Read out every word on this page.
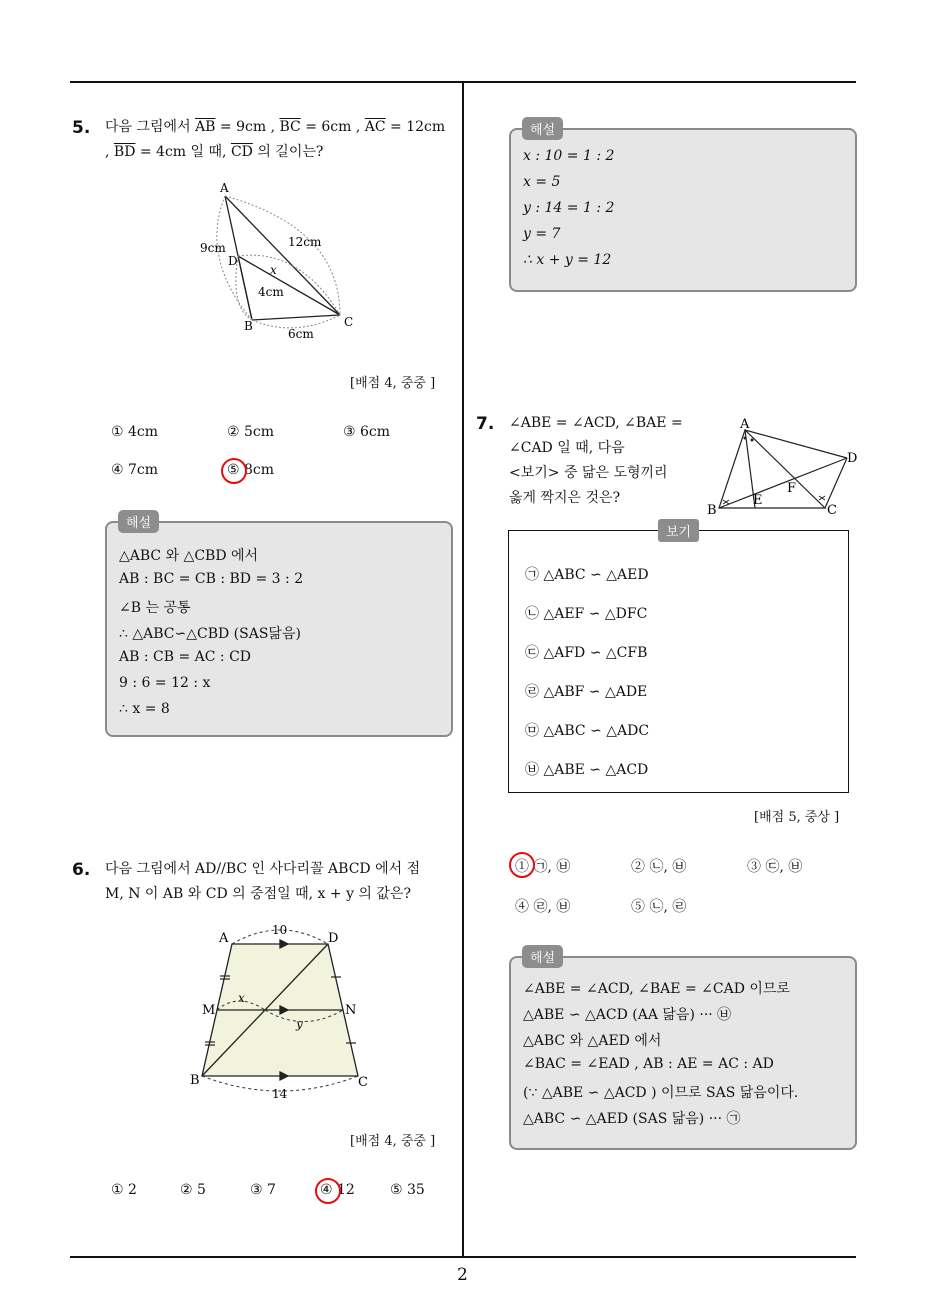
2
5. 다음 그림에서 $\overline{AB} = 9cm$ , $\overline{BC} = 6cm$ , $\overline{AC} = 12cm$
, $\overline{BD} = 4cm$ 일 때, $\overline{CD}$ 의 길이는?
A
D
B	C
x
9cm	12cm
4cm
6cm
[배점 4, 중중 ]
① 4cm	② 5cm	③ 6cm
④ 7cm	⑤ 8cm
△ABC 와 △CBD 에서
AB : BC = CB : BD = 3 : 2
∠B 는 공통
∴ △ABC∽△CBD (SAS닮음)
AB : CB = AC : CD
9 : 6 = 12 : x
∴ x = 8
해설
6. 다음 그림에서 AD//BC 인 사다리꼴 ABCD 에서 점
M, N 이 AB 와 CD 의 중점일 때, x + y 의 값은?
A	D
M	N
B	C
x
y
10
14
[배점 4, 중중 ]
① 2	② 5	③ 7	④ 12	⑤ 35
x : 10 = 1 : 2
x = 5
y : 14 = 1 : 2
y = 7
∴ x + y = 12
해설
7. ∠ABE = ∠ACD, ∠BAE =
∠CAD 일 때, 다음
<보기> 중 닮은 도형끼리
옳게 짝지은 것은?
A
D
B
E
F
C
㉠ △ABC ∽ △AED
㉡ △AEF ∽ △DFC
㉢ △AFD ∽ △CFB
㉣ △ABF ∽ △ADE
㉤ △ABC ∽ △ADC
㉥ △ABE ∽ △ACD
보기
[배점 5, 중상 ]
① ㉠, ㉥	② ㉡, ㉥	③ ㉢, ㉥
④ ㉣, ㉥	⑤ ㉡, ㉣
∠ABE = ∠ACD, ∠BAE = ∠CAD 이므로
△ABE ∽ △ACD (AA 닮음) ··· ㉥
△ABC 와 △AED 에서
∠BAC = ∠EAD , AB : AE = AC : AD
(∵ △ABE ∽ △ACD ) 이므로 SAS 닮음이다.
△ABC ∽ △AED (SAS 닮음) ··· ㉠
해설
